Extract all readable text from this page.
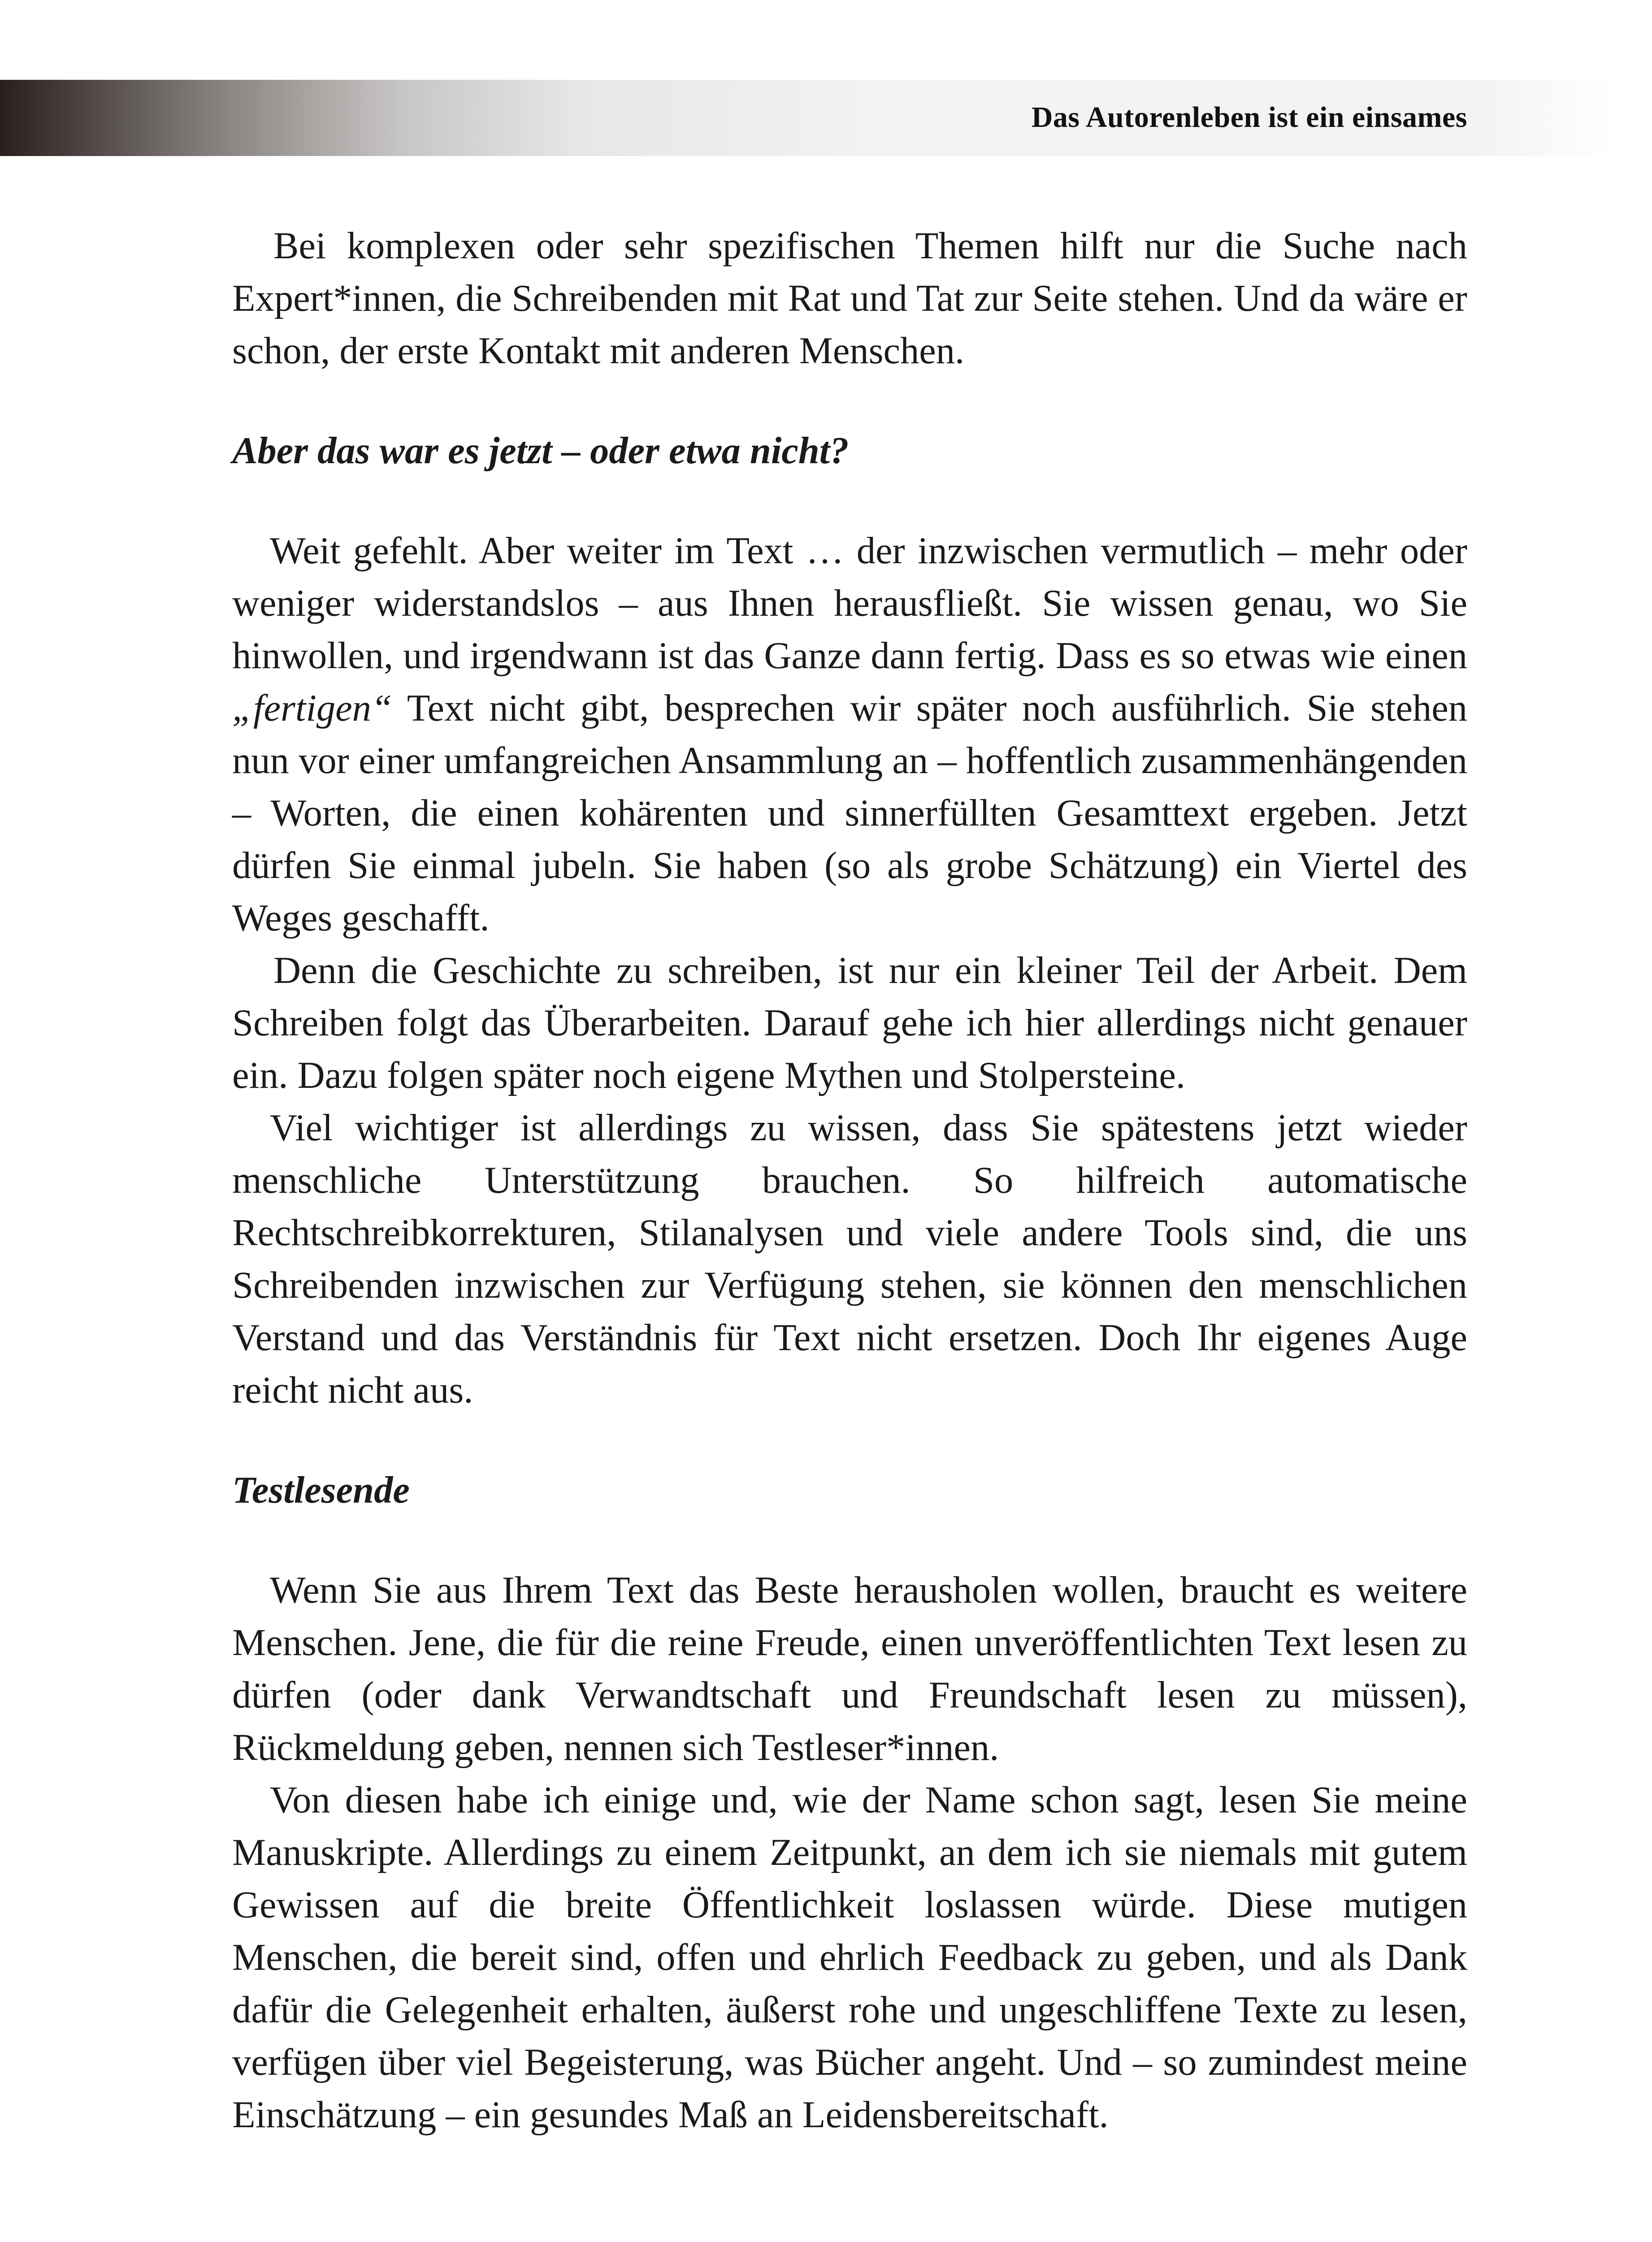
Das Autorenleben ist ein einsames

Bei komplexen oder sehr spezifischen Themen hilft nur die Suche nach Expert*innen, die Schreibenden mit Rat und Tat zur Seite stehen. Und da wäre er schon, der erste Kontakt mit anderen Menschen.

Aber das war es jetzt – oder etwa nicht?

Weit gefehlt. Aber weiter im Text … der inzwischen vermutlich – mehr oder weniger widerstandslos – aus Ihnen herausfließt. Sie wissen genau, wo Sie hinwollen, und irgendwann ist das Ganze dann fertig. Dass es so etwas wie einen „fertigen“ Text nicht gibt, besprechen wir später noch ausführlich. Sie stehen nun vor einer umfangreichen Ansammlung an – hoffentlich zusammenhängenden – Worten, die einen kohärenten und sinnerfüllten Gesamttext ergeben. Jetzt dürfen Sie einmal jubeln. Sie haben (so als grobe Schätzung) ein Viertel des Weges geschafft.

Denn die Geschichte zu schreiben, ist nur ein kleiner Teil der Arbeit. Dem Schreiben folgt das Überarbeiten. Darauf gehe ich hier allerdings nicht genauer ein. Dazu folgen später noch eigene Mythen und Stolpersteine.

Viel wichtiger ist allerdings zu wissen, dass Sie spätestens jetzt wieder menschliche Unterstützung brauchen. So hilfreich automatische Rechtschreibkorrekturen, Stilanalysen und viele andere Tools sind, die uns Schreibenden inzwischen zur Verfügung stehen, sie können den menschlichen Verstand und das Verständnis für Text nicht ersetzen. Doch Ihr eigenes Auge reicht nicht aus.

Testlesende

Wenn Sie aus Ihrem Text das Beste herausholen wollen, braucht es weitere Menschen. Jene, die für die reine Freude, einen unveröffentlichten Text lesen zu dürfen (oder dank Verwandtschaft und Freundschaft lesen zu müssen), Rückmeldung geben, nennen sich Testleser*innen.

Von diesen habe ich einige und, wie der Name schon sagt, lesen Sie meine Manuskripte. Allerdings zu einem Zeitpunkt, an dem ich sie niemals mit gutem Gewissen auf die breite Öffentlichkeit loslassen würde. Diese mutigen Menschen, die bereit sind, offen und ehrlich Feedback zu geben, und als Dank dafür die Gelegenheit erhalten, äußerst rohe und ungeschliffene Texte zu lesen, verfügen über viel Begeisterung, was Bücher angeht. Und – so zumindest meine Einschätzung – ein gesundes Maß an Leidensbereitschaft.
